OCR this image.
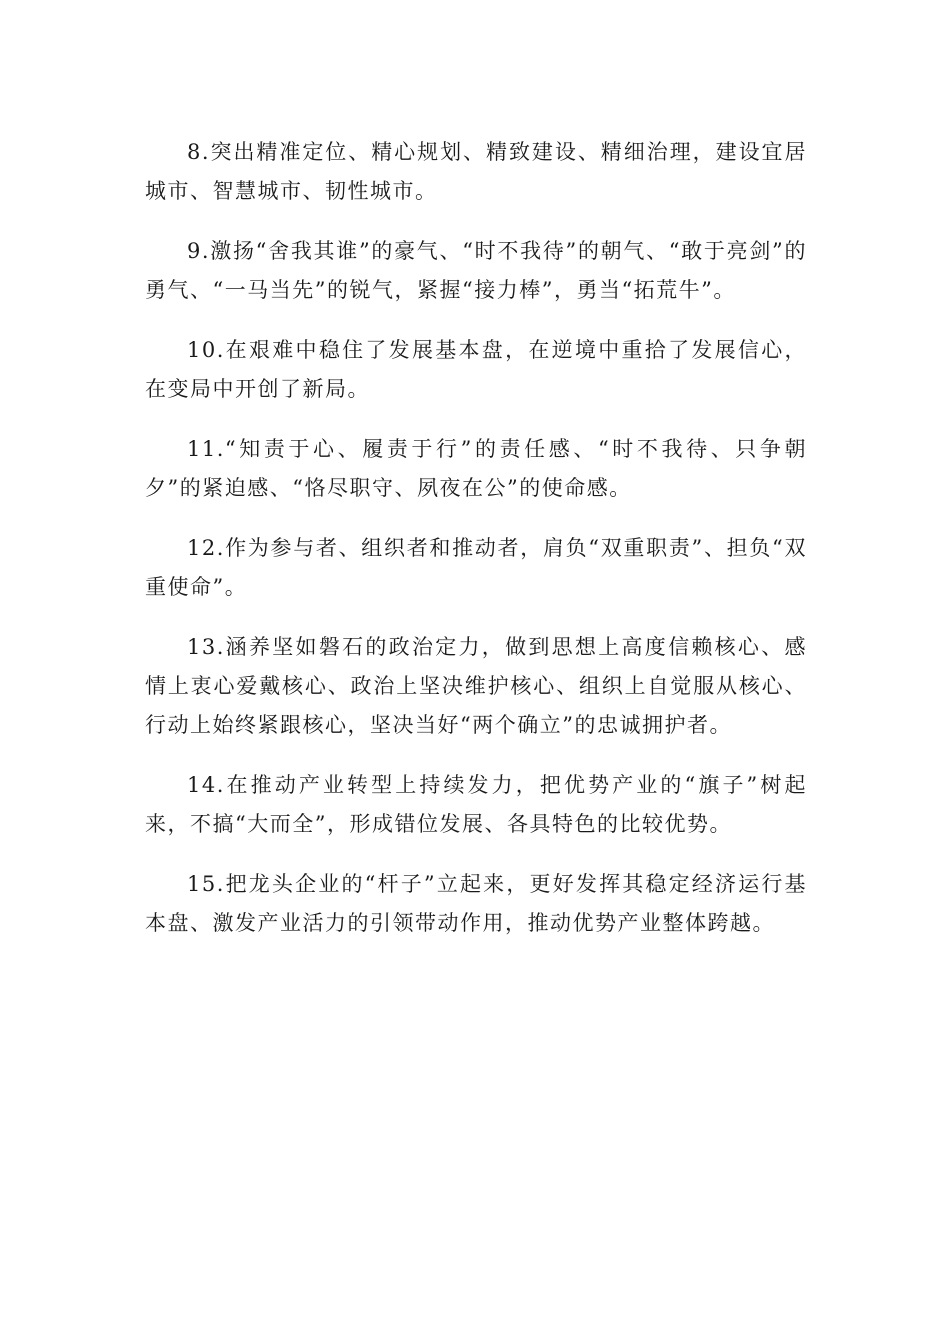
8.突出精准定位、精心规划、精致建设、精细治理，建设宜居城市、智慧城市、韧性城市。

9.激扬“舍我其谁”的豪气、“时不我待”的朝气、“敢于亮剑”的勇气、“一马当先”的锐气，紧握“接力棒”，勇当“拓荒牛”。

10.在艰难中稳住了发展基本盘，在逆境中重拾了发展信心，在变局中开创了新局。

11.“知责于心、履责于行”的责任感、“时不我待、只争朝夕”的紧迫感、“恪尽职守、夙夜在公”的使命感。

12.作为参与者、组织者和推动者，肩负“双重职责”、担负“双重使命”。

13.涵养坚如磐石的政治定力，做到思想上高度信赖核心、感情上衷心爱戴核心、政治上坚决维护核心、组织上自觉服从核心、行动上始终紧跟核心，坚决当好“两个确立”的忠诚拥护者。

14.在推动产业转型上持续发力，把优势产业的“旗子”树起来，不搞“大而全”，形成错位发展、各具特色的比较优势。

15.把龙头企业的“杆子”立起来，更好发挥其稳定经济运行基本盘、激发产业活力的引领带动作用，推动优势产业整体跨越。
